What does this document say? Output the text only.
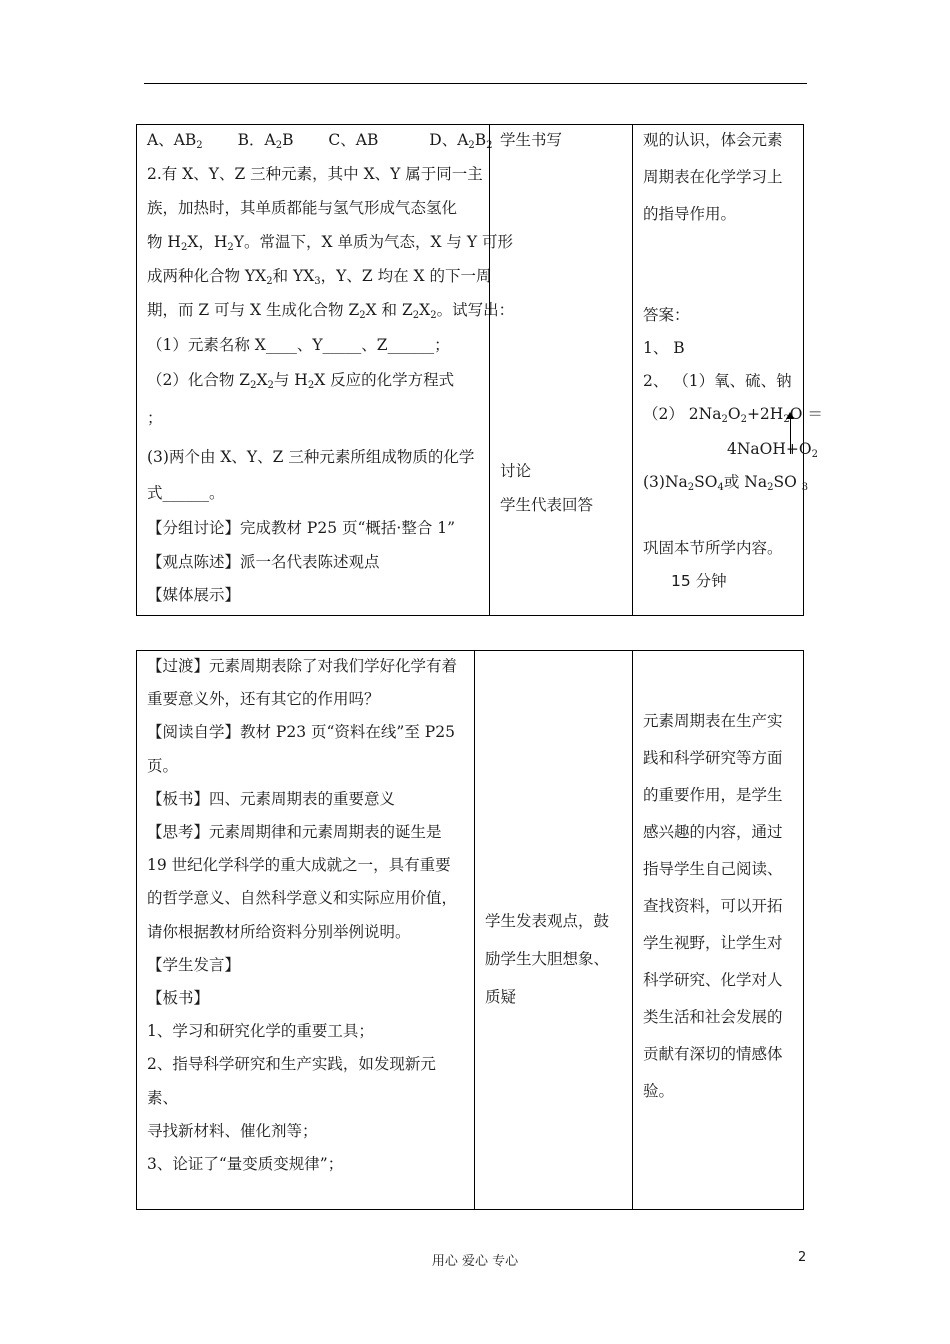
A、AB2 B．A2B C、AB	D、A2B2
2.有 X、Y、Z 三种元素，其中 X、Y 属于同一主
族，加热时，其单质都能与氢气形成气态氢化
物 H2X，H2Y。常温下，X 单质为气态，X 与 Y 可形
成两种化合物 YX2和 YX3，Y、Z 均在 X 的下一周
期，而 Z 可与 X 生成化合物 Z2X 和 Z2X2。试写出：
（1）元素名称 X____、Y_____、Z______；
（2）化合物 Z2X2与 H2X 反应的化学方程式
；
(3)两个由 X、Y、Z 三种元素所组成物质的化学
式______。
【分组讨论】完成教材 P25 页“概括·整合 1”
【观点陈述】派一名代表陈述观点
【媒体展示】
学生书写
讨论
学生代表回答
观的认识，体会元素
周期表在化学学习上
的指导作用。
答案：
1、 B
2、 （1）氧、硫、钠
（2） 2Na2O2+2H2O ＝
4NaOH+O2
(3)Na2SO4或 Na2SO 3
巩固本节所学内容。
15 分钟
【过渡】元素周期表除了对我们学好化学有着
重要意义外，还有其它的作用吗？
【阅读自学】教材 P23 页“资料在线”至 P25
页。
【板书】四、元素周期表的重要意义
【思考】元素周期律和元素周期表的诞生是
19 世纪化学科学的重大成就之一，具有重要
的哲学意义、自然科学意义和实际应用价值，
请你根据教材所给资料分别举例说明。
【学生发言】
【板书】
1、学习和研究化学的重要工具；
2、指导科学研究和生产实践，如发现新元
素、
寻找新材料、催化剂等；
3、论证了“量变质变规律”；
学生发表观点，鼓
励学生大胆想象、
质疑
元素周期表在生产实
践和科学研究等方面
的重要作用，是学生
感兴趣的内容，通过
指导学生自己阅读、
查找资料，可以开拓
学生视野，让学生对
科学研究、化学对人
类生活和社会发展的
贡献有深切的情感体
验。
用心 爱心 专心	2
